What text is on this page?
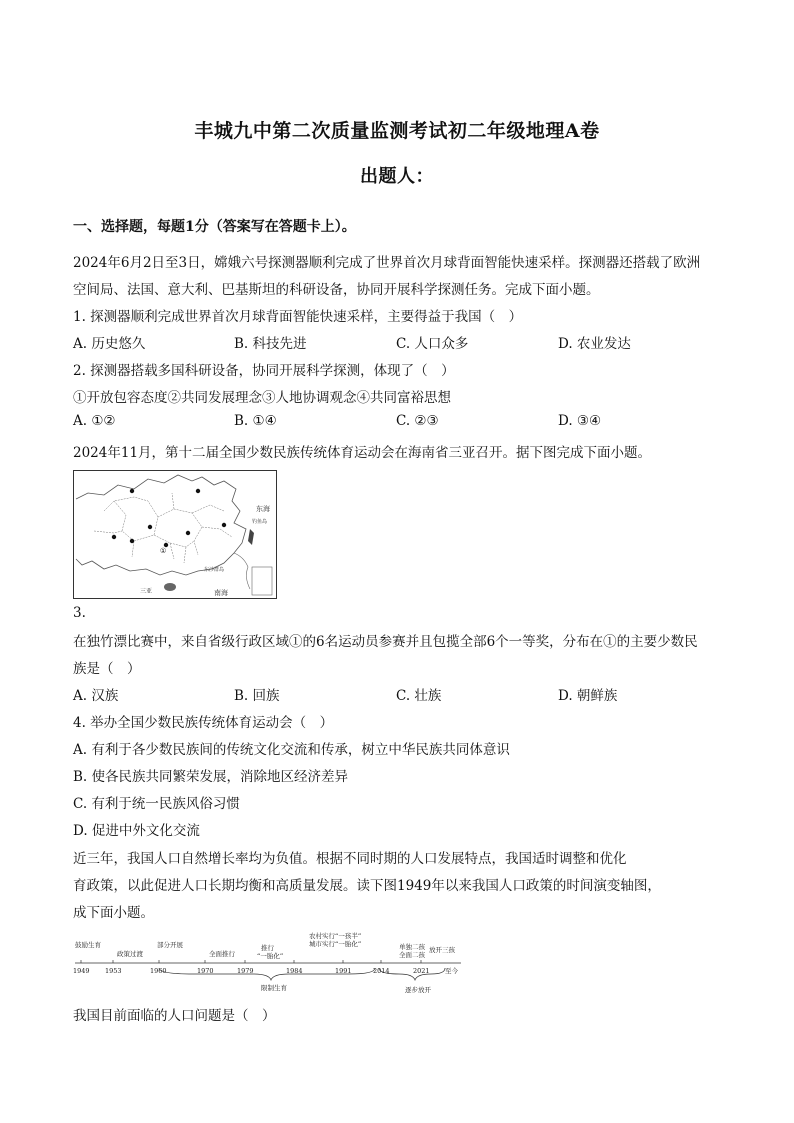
丰城九中第二次质量监测考试初二年级地理A卷
出题人：
一、选择题，每题1分（答案写在答题卡上）。
2024年6月2日至3日，嫦娥六号探测器顺利完成了世界首次月球背面智能快速采样。探测器还搭载了欧洲
空间局、法国、意大利、巴基斯坦的科研设备，协同开展科学探测任务。完成下面小题。
1. 探测器顺利完成世界首次月球背面智能快速采样，主要得益于我国（　）
A. 历史悠久	B. 科技先进	C. 人口众多	D. 农业发达
2. 探测器搭载多国科研设备，协同开展科学探测，体现了（　）
①开放包容态度②共同发展理念③人地协调观念④共同富裕思想
A. ①②	B. ①④	C. ②③	D. ③④
2024年11月，第十二届全国少数民族传统体育运动会在海南省三亚召开。据下图完成下面小题。
东海
钓鱼岛
南海
东沙群岛
三亚
①
3.
在独竹漂比赛中，来自省级行政区域①的6名运动员参赛并且包揽全部6个一等奖，分布在①的主要少数民
族是（　）
A. 汉族	B. 回族	C. 壮族	D. 朝鲜族
4. 举办全国少数民族传统体育运动会（　）
A. 有利于各少数民族间的传统文化交流和传承，树立中华民族共同体意识
B. 使各民族共同繁荣发展，消除地区经济差异
C. 有利于统一民族风俗习惯
D. 促进中外文化交流
近三年，我国人口自然增长率均为负值。根据不同时期的人口发展特点，我国适时调整和优化
育政策，以此促进人口长期均衡和高质量发展。读下图1949年以来我国人口政策的时间演变轴图，
成下面小题。
1949 1953	1960	1970	1979	1984	1991	2014	2021 至今
鼓励生育	部分开展	推行
农村实行“一孩半”
单独二孩 放开三孩
政策过渡	全面推行	“一胎化”
城市实行“一胎化”
全面二孩
限制生育	逐步放开
我国目前面临的人口问题是（　）
